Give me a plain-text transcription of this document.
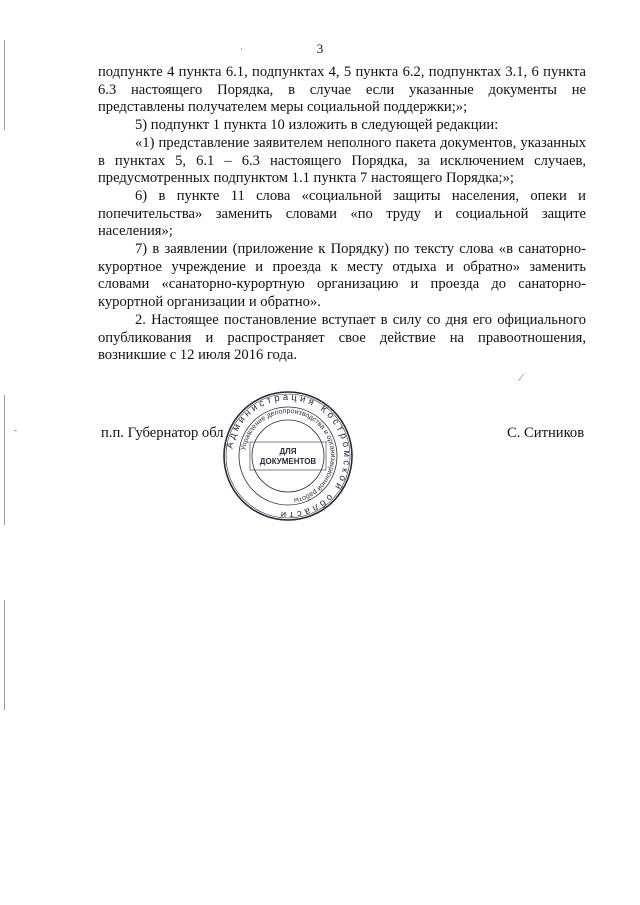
3

подпункте 4 пункта 6.1, подпунктах 4, 5 пункта 6.2, подпунктах 3.1, 6 пункта 6.3 настоящего Порядка, в случае если указанные документы не представлены получателем меры социальной поддержки;»;

5) подпункт 1 пункта 10 изложить в следующей редакции:

«1) представление заявителем неполного пакета документов, указанных в пунктах 5, 6.1 – 6.3 настоящего Порядка, за исключением случаев, предусмотренных подпунктом 1.1 пункта 7 настоящего Порядка;»;

6) в пункте 11 слова «социальной защиты населения, опеки и попечительства» заменить словами «по труду и социальной защите населения»;

7) в заявлении (приложение к Порядку) по тексту слова «в санаторно-курортное учреждение и проезда к месту отдыха и обратно» заменить словами «санаторно-курортную организацию и проезда до санаторно-курортной организации и обратно».

2. Настоящее постановление вступает в силу со дня его официального опубликования и распространяет свое действие на правоотношения, возникшие с 12 июля 2016 года.

п.п. Губернатор обл	С. Ситников
Администрация Костромской области
Управление делопроизводства и организационной работы
ДЛЯ
ДОКУМЕНТОВ
·
⁄
-
